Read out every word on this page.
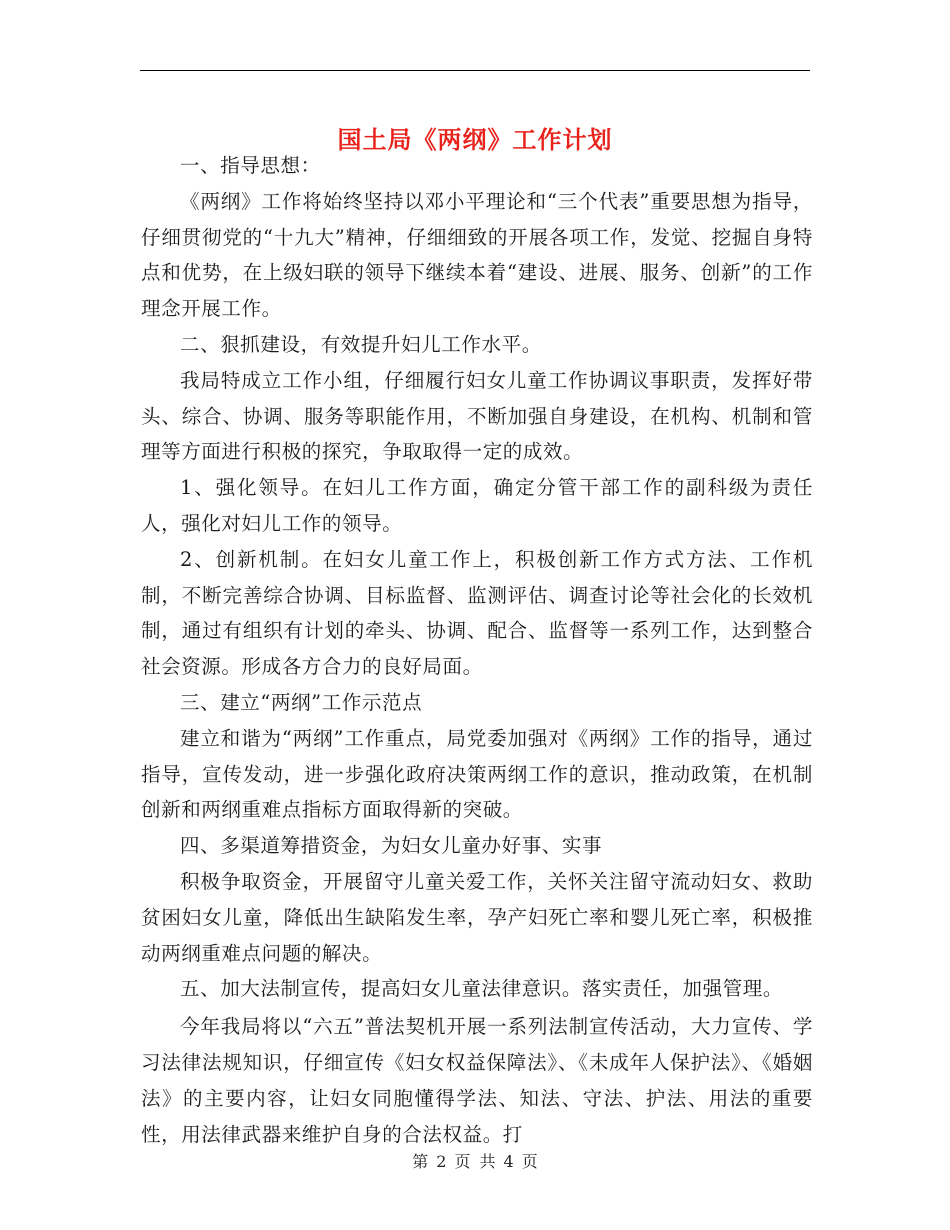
国土局《两纲》工作计划

一、指导思想：

《两纲》工作将始终坚持以邓小平理论和“三个代表”重要思想为指导，仔细贯彻党的“十九大”精神，仔细细致的开展各项工作，发觉、挖掘自身特点和优势，在上级妇联的领导下继续本着“建设、进展、服务、创新”的工作理念开展工作。

二、狠抓建设，有效提升妇儿工作水平。

我局特成立工作小组，仔细履行妇女儿童工作协调议事职责，发挥好带头、综合、协调、服务等职能作用，不断加强自身建设，在机构、机制和管理等方面进行积极的探究，争取取得一定的成效。

1、强化领导。在妇儿工作方面，确定分管干部工作的副科级为责任人，强化对妇儿工作的领导。

2、创新机制。在妇女儿童工作上，积极创新工作方式方法、工作机制，不断完善综合协调、目标监督、监测评估、调查讨论等社会化的长效机制，通过有组织有计划的牵头、协调、配合、监督等一系列工作，达到整合社会资源。形成各方合力的良好局面。

三、建立“两纲”工作示范点

建立和谐为“两纲”工作重点，局党委加强对《两纲》工作的指导，通过指导，宣传发动，进一步强化政府决策两纲工作的意识，推动政策，在机制创新和两纲重难点指标方面取得新的突破。

四、多渠道筹措资金，为妇女儿童办好事、实事

积极争取资金，开展留守儿童关爱工作，关怀关注留守流动妇女、救助贫困妇女儿童，降低出生缺陷发生率，孕产妇死亡率和婴儿死亡率，积极推动两纲重难点问题的解决。

五、加大法制宣传，提高妇女儿童法律意识。落实责任，加强管理。

今年我局将以“六五”普法契机开展一系列法制宣传活动，大力宣传、学习法律法规知识，仔细宣传《妇女权益保障法》、《未成年人保护法》、《婚姻法》的主要内容，让妇女同胞懂得学法、知法、守法、护法、用法的重要性，用法律武器来维护自身的合法权益。打

第 2 页 共 4 页
